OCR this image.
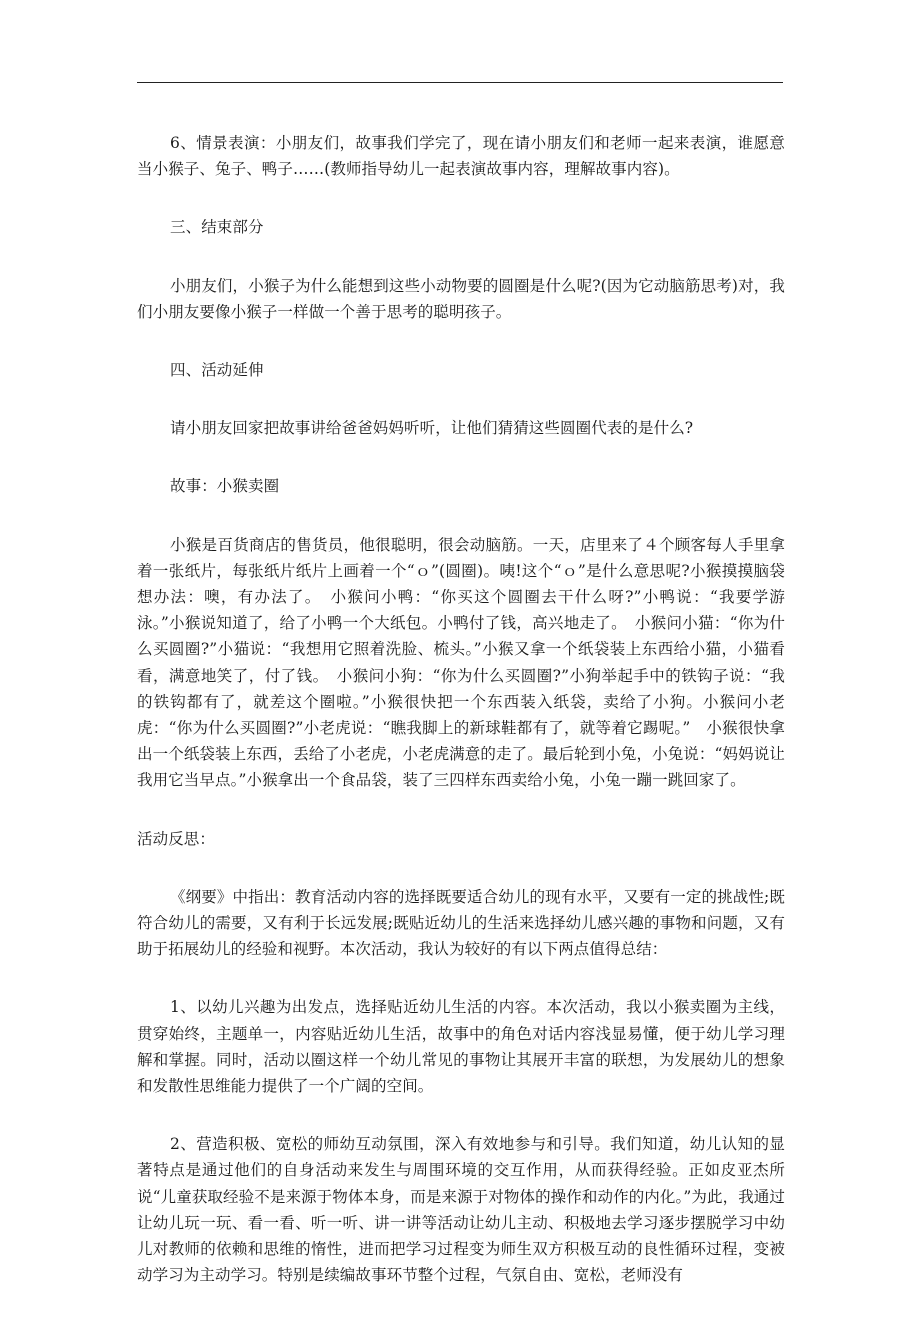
6、情景表演：小朋友们，故事我们学完了，现在请小朋友们和老师一起来表演，谁愿意当小猴子、兔子、鸭子……(教师指导幼儿一起表演故事内容，理解故事内容)。

三、结束部分

小朋友们，小猴子为什么能想到这些小动物要的圆圈是什么呢?(因为它动脑筋思考)对，我们小朋友要像小猴子一样做一个善于思考的聪明孩子。

四、活动延伸

请小朋友回家把故事讲给爸爸妈妈听听，让他们猜猜这些圆圈代表的是什么?

故事：小猴卖圈

小猴是百货商店的售货员，他很聪明，很会动脑筋。一天，店里来了４个顾客每人手里拿着一张纸片，每张纸片纸片上画着一个“ｏ”(圆圈)。咦!这个“ｏ”是什么意思呢?小猴摸摸脑袋想办法：噢，有办法了。　小猴问小鸭：“你买这个圆圈去干什么呀?”小鸭说：“我要学游泳。”小猴说知道了，给了小鸭一个大纸包。小鸭付了钱，高兴地走了。　小猴问小猫：“你为什么买圆圈?”小猫说：“我想用它照着洗脸、梳头。”小猴又拿一个纸袋装上东西给小猫，小猫看看，满意地笑了，付了钱。　小猴问小狗：“你为什么买圆圈?”小狗举起手中的铁钩子说：“我的铁钩都有了，就差这个圈啦。”小猴很快把一个东西装入纸袋，卖给了小狗。小猴问小老虎：“你为什么买圆圈?”小老虎说：“瞧我脚上的新球鞋都有了，就等着它踢呢。”　小猴很快拿出一个纸袋装上东西，丢给了小老虎，小老虎满意的走了。最后轮到小兔，小兔说：“妈妈说让我用它当早点。”小猴拿出一个食品袋，装了三四样东西卖给小兔，小兔一蹦一跳回家了。

活动反思：

《纲要》中指出：教育活动内容的选择既要适合幼儿的现有水平，又要有一定的挑战性;既符合幼儿的需要，又有利于长远发展;既贴近幼儿的生活来选择幼儿感兴趣的事物和问题，又有助于拓展幼儿的经验和视野。本次活动，我认为较好的有以下两点值得总结：

1、以幼儿兴趣为出发点，选择贴近幼儿生活的内容。本次活动，我以小猴卖圈为主线，贯穿始终，主题单一，内容贴近幼儿生活，故事中的角色对话内容浅显易懂，便于幼儿学习理解和掌握。同时，活动以圈这样一个幼儿常见的事物让其展开丰富的联想，为发展幼儿的想象和发散性思维能力提供了一个广阔的空间。

2、营造积极、宽松的师幼互动氛围，深入有效地参与和引导。我们知道，幼儿认知的显著特点是通过他们的自身活动来发生与周围环境的交互作用，从而获得经验。正如皮亚杰所说“儿童获取经验不是来源于物体本身，而是来源于对物体的操作和动作的内化。”为此，我通过让幼儿玩一玩、看一看、听一听、讲一讲等活动让幼儿主动、积极地去学习逐步摆脱学习中幼儿对教师的依赖和思维的惰性，进而把学习过程变为师生双方积极互动的良性循环过程，变被动学习为主动学习。特别是续编故事环节整个过程，气氛自由、宽松，老师没有
